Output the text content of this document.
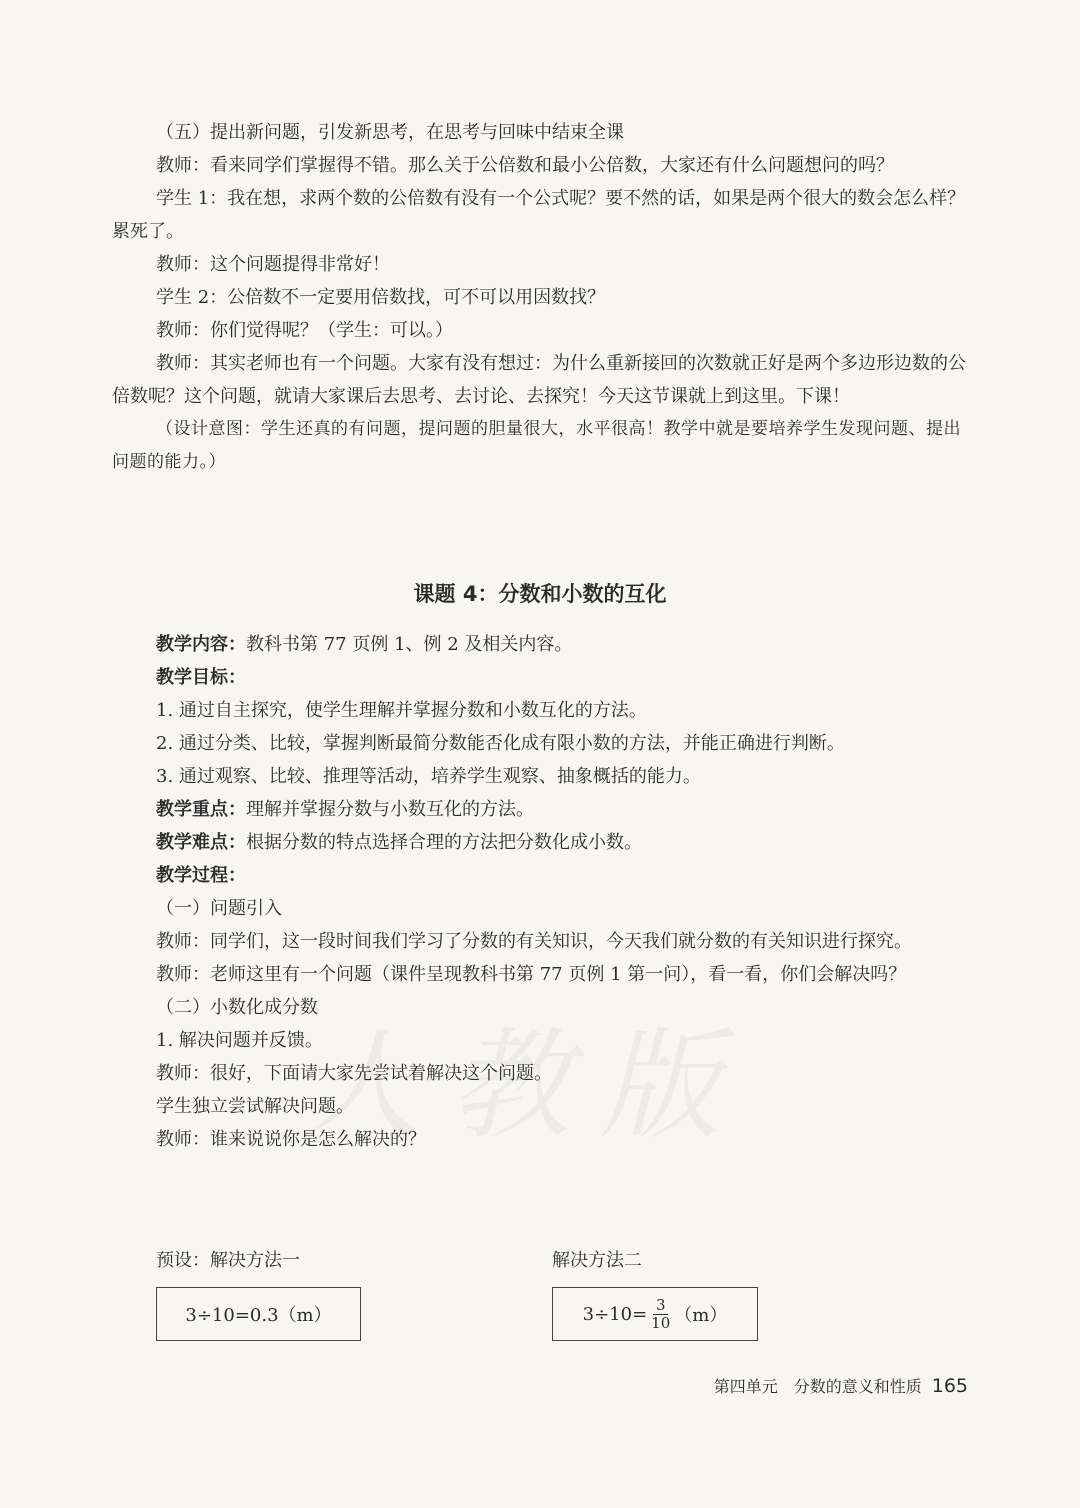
（五）提出新问题，引发新思考，在思考与回味中结束全课

教师：看来同学们掌握得不错。那么关于公倍数和最小公倍数，大家还有什么问题想问的吗？

学生 1：我在想，求两个数的公倍数有没有一个公式呢？要不然的话，如果是两个很大的数会怎么样？累死了。

教师：这个问题提得非常好！

学生 2：公倍数不一定要用倍数找，可不可以用因数找？

教师：你们觉得呢？（学生：可以。）

教师：其实老师也有一个问题。大家有没有想过：为什么重新接回的次数就正好是两个多边形边数的公倍数呢？这个问题，就请大家课后去思考、去讨论、去探究！今天这节课就上到这里。下课！

（设计意图：学生还真的有问题，提问题的胆量很大，水平很高！教学中就是要培养学生发现问题、提出问题的能力。）

课题 4：分数和小数的互化

教学内容：教科书第 77 页例 1、例 2 及相关内容。

教学目标：

1. 通过自主探究，使学生理解并掌握分数和小数互化的方法。

2. 通过分类、比较，掌握判断最简分数能否化成有限小数的方法，并能正确进行判断。

3. 通过观察、比较、推理等活动，培养学生观察、抽象概括的能力。

教学重点：理解并掌握分数与小数互化的方法。

教学难点：根据分数的特点选择合理的方法把分数化成小数。

教学过程：

（一）问题引入

教师：同学们，这一段时间我们学习了分数的有关知识，今天我们就分数的有关知识进行探究。

教师：老师这里有一个问题（课件呈现教科书第 77 页例 1 第一问），看一看，你们会解决吗？

（二）小数化成分数

1. 解决问题并反馈。

教师：很好，下面请大家先尝试着解决这个问题。

学生独立尝试解决问题。

教师：谁来说说你是怎么解决的？

预设：解决方法一	解决方法二
3÷10=0.3（m）	$3\div 10= \frac{3}{10} (m)$
第四单元　分数的意义和性质 165
